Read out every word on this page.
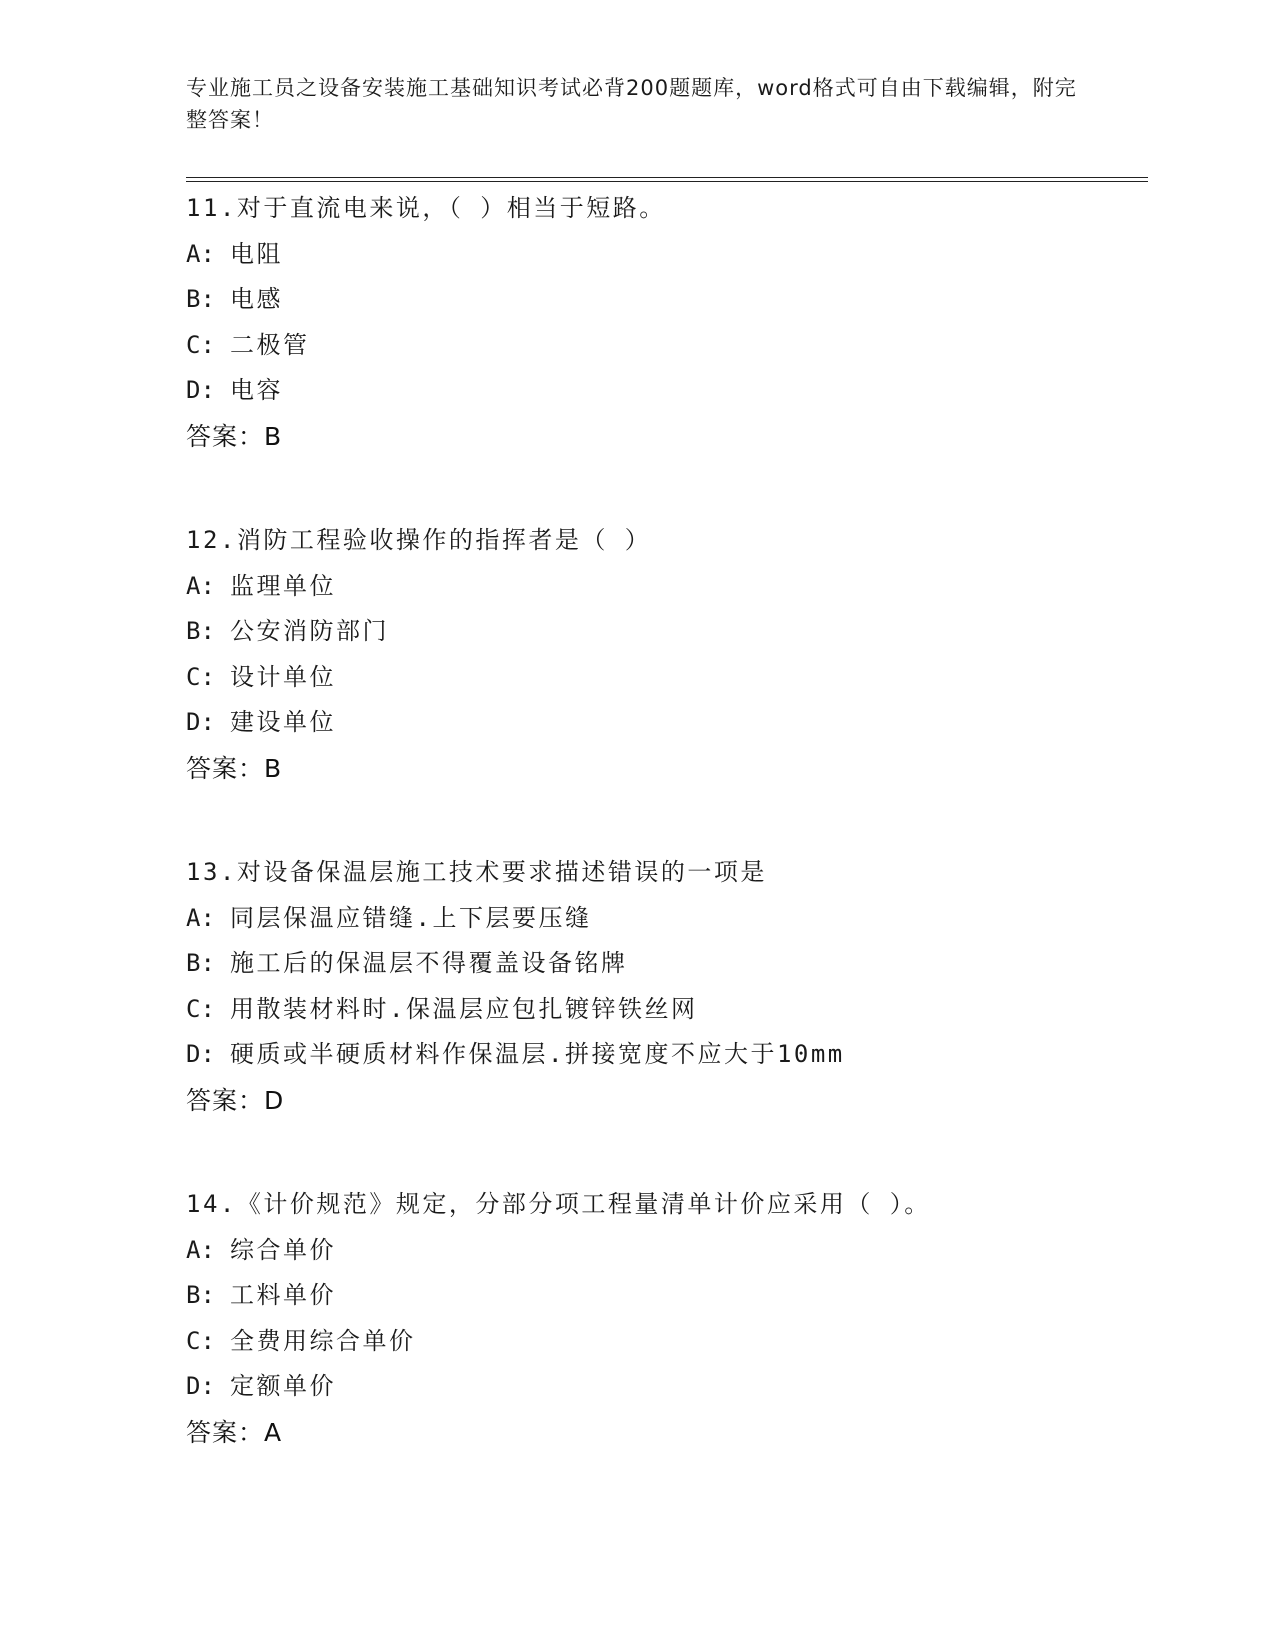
专业施工员之设备安装施工基础知识考试必背200题题库，word格式可自由下载编辑，附完整答案！
11.对于直流电来说，（ ）相当于短路。
A: 电阻
B: 电感
C: 二极管
D: 电容
答案：B
12.消防工程验收操作的指挥者是（ ）
A: 监理单位
B: 公安消防部门
C: 设计单位
D: 建设单位
答案：B
13.对设备保温层施工技术要求描述错误的一项是
A: 同层保温应错缝.上下层要压缝
B: 施工后的保温层不得覆盖设备铭牌
C: 用散装材料时.保温层应包扎镀锌铁丝网
D: 硬质或半硬质材料作保温层.拼接宽度不应大于10mm
答案：D
14.《计价规范》规定，分部分项工程量清单计价应采用（ ）。
A: 综合单价
B: 工料单价
C: 全费用综合单价
D: 定额单价
答案：A
